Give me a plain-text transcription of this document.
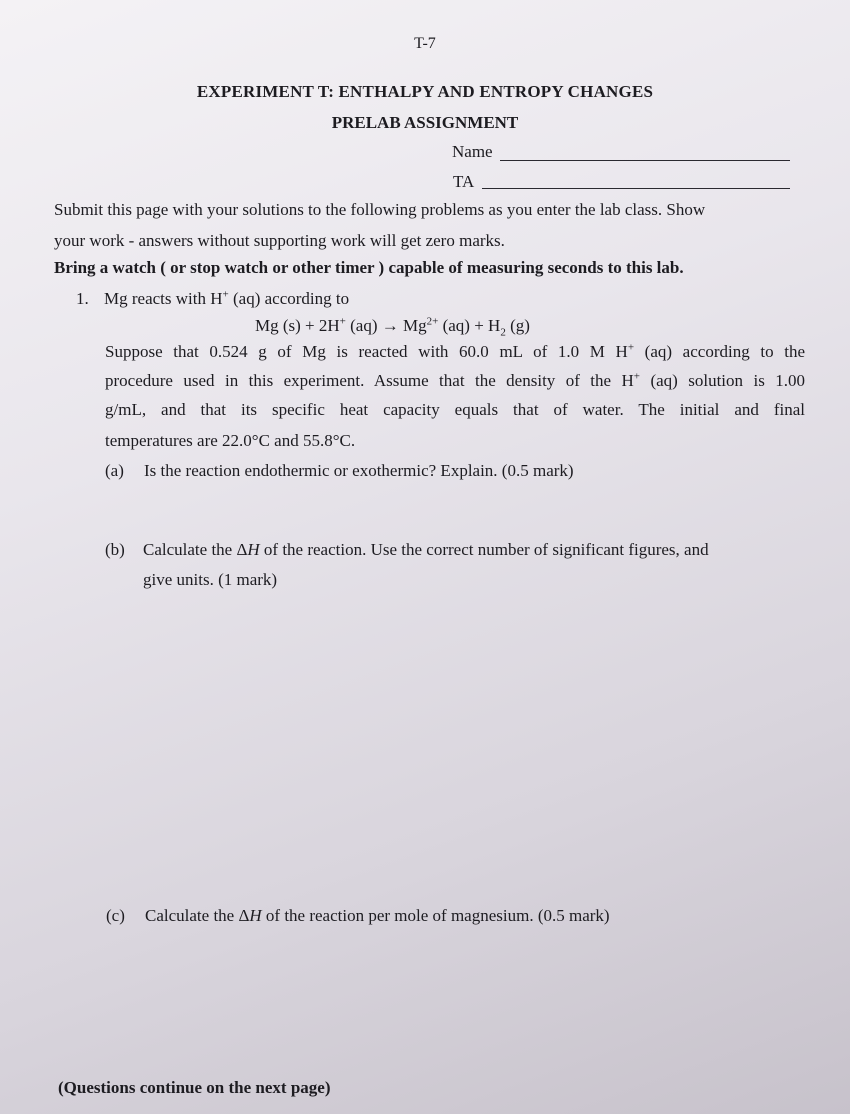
T-7
EXPERIMENT T: ENTHALPY AND ENTROPY CHANGES
PRELAB ASSIGNMENT
Name
TA
Submit this page with your solutions to the following problems as you enter the lab class. Show
your work - answers without supporting work will get zero marks.
Bring a watch ( or stop watch or other timer ) capable of measuring seconds to this lab.
1. Mg reacts with H+ (aq) according to
Mg (s) + 2H+ $(aq) \to Mg^{2+}$ $(aq) + H_2$ (g)
Suppose that 0.524 g of Mg is reacted with 60.0 mL of 1.0 M H+ (aq) according to the
procedure used in this experiment. Assume that the density of the H+ (aq) solution is 1.00
g/mL, and that its specific heat capacity equals that of water. The initial and final
temperatures are 22.0°C and 55.8°C.
(a) Is the reaction endothermic or exothermic? Explain. (0.5 mark)
(b) Calculate the ΔH of the reaction. Use the correct number of significant figures, and
give units. (1 mark)
(c) Calculate the ΔH of the reaction per mole of magnesium. (0.5 mark)
(Questions continue on the next page)
